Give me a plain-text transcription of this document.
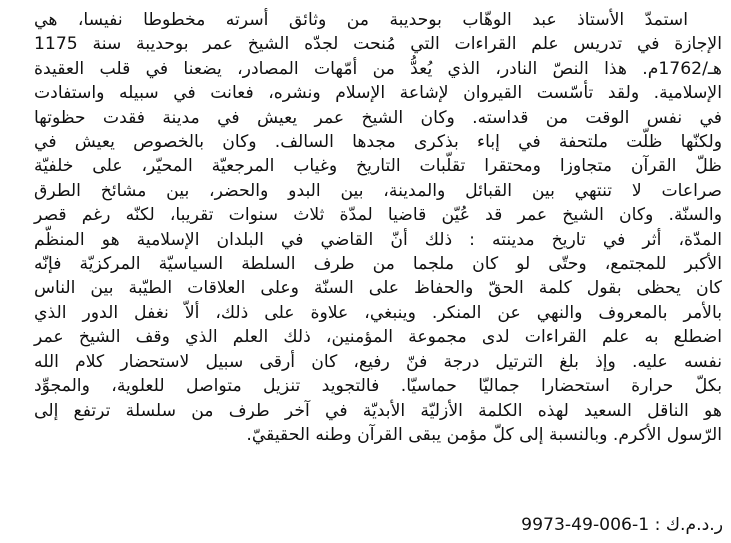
استمدّ الأستاذ عبد الوهّاب بوحديبة من وثائق أسرته مخطوطا نفيسا، هي
الإجازة في تدريس علم القراءات التي مُنحت لجدّه الشيخ عمر بوحديبة سنة 1175
هـ/1762م. هذا النصّ النادر، الذي يُعدُّ من أمّهات المصادر، يضعنا في قلب العقيدة
الإسلامية. ولقد تأسّست القيروان لإشاعة الإسلام ونشره، فعانت في سبيله واستفادت
في نفس الوقت من قداسته. وكان الشيخ عمر يعيش في مدينة فقدت حظوتها
ولكنّها ظلّت ملتحفة في إباء بذكرى مجدها السالف. وكان بالخصوص يعيش في
ظلّ القرآن متجاوزا ومحتقرا تقلّبات التاريخ وغياب المرجعيّة المحيّر، على خلفيّة
صراعات لا تنتهي بين القبائل والمدينة، بين البدو والحضر، بين مشائخ الطرق
والسنّة. وكان الشيخ عمر قد عُيّن قاضيا لمدّة ثلاث سنوات تقريبا، لكنّه رغم قصر
المدّة، أثر في تاريخ مدينته : ذلك أنّ القاضي في البلدان الإسلامية هو المنظّم
الأكبر للمجتمع، وحتّى لو كان ملجما من طرف السلطة السياسيّة المركزيّة فإنّه
كان يحظى بقول كلمة الحقّ والحفاظ على السنّة وعلى العلاقات الطيّبة بين الناس
بالأمر بالمعروف والنهي عن المنكر. وينبغي، علاوة على ذلك، ألاّ نغفل الدور الذي
اضطلع به علم القراءات لدى مجموعة المؤمنين، ذلك العلم الذي وقف الشيخ عمر
نفسه عليه. وإذ بلغ الترتيل درجة فنّ رفيع، كان أرقى سبيل لاستحضار كلام الله
بكلّ حرارة استحضارا جماليّا حماسيّا. فالتجويد تنزيل متواصل للعلوية، والمجوِّد
هو الناقل السعيد لهذه الكلمة الأزليّة الأبديّة في آخر طرف من سلسلة ترتفع إلى
الرّسول الأكرم. وبالنسبة إلى كلّ مؤمن يبقى القرآن وطنه الحقيقيّ.
ر.د.م.ك : 1-006-49-9973
